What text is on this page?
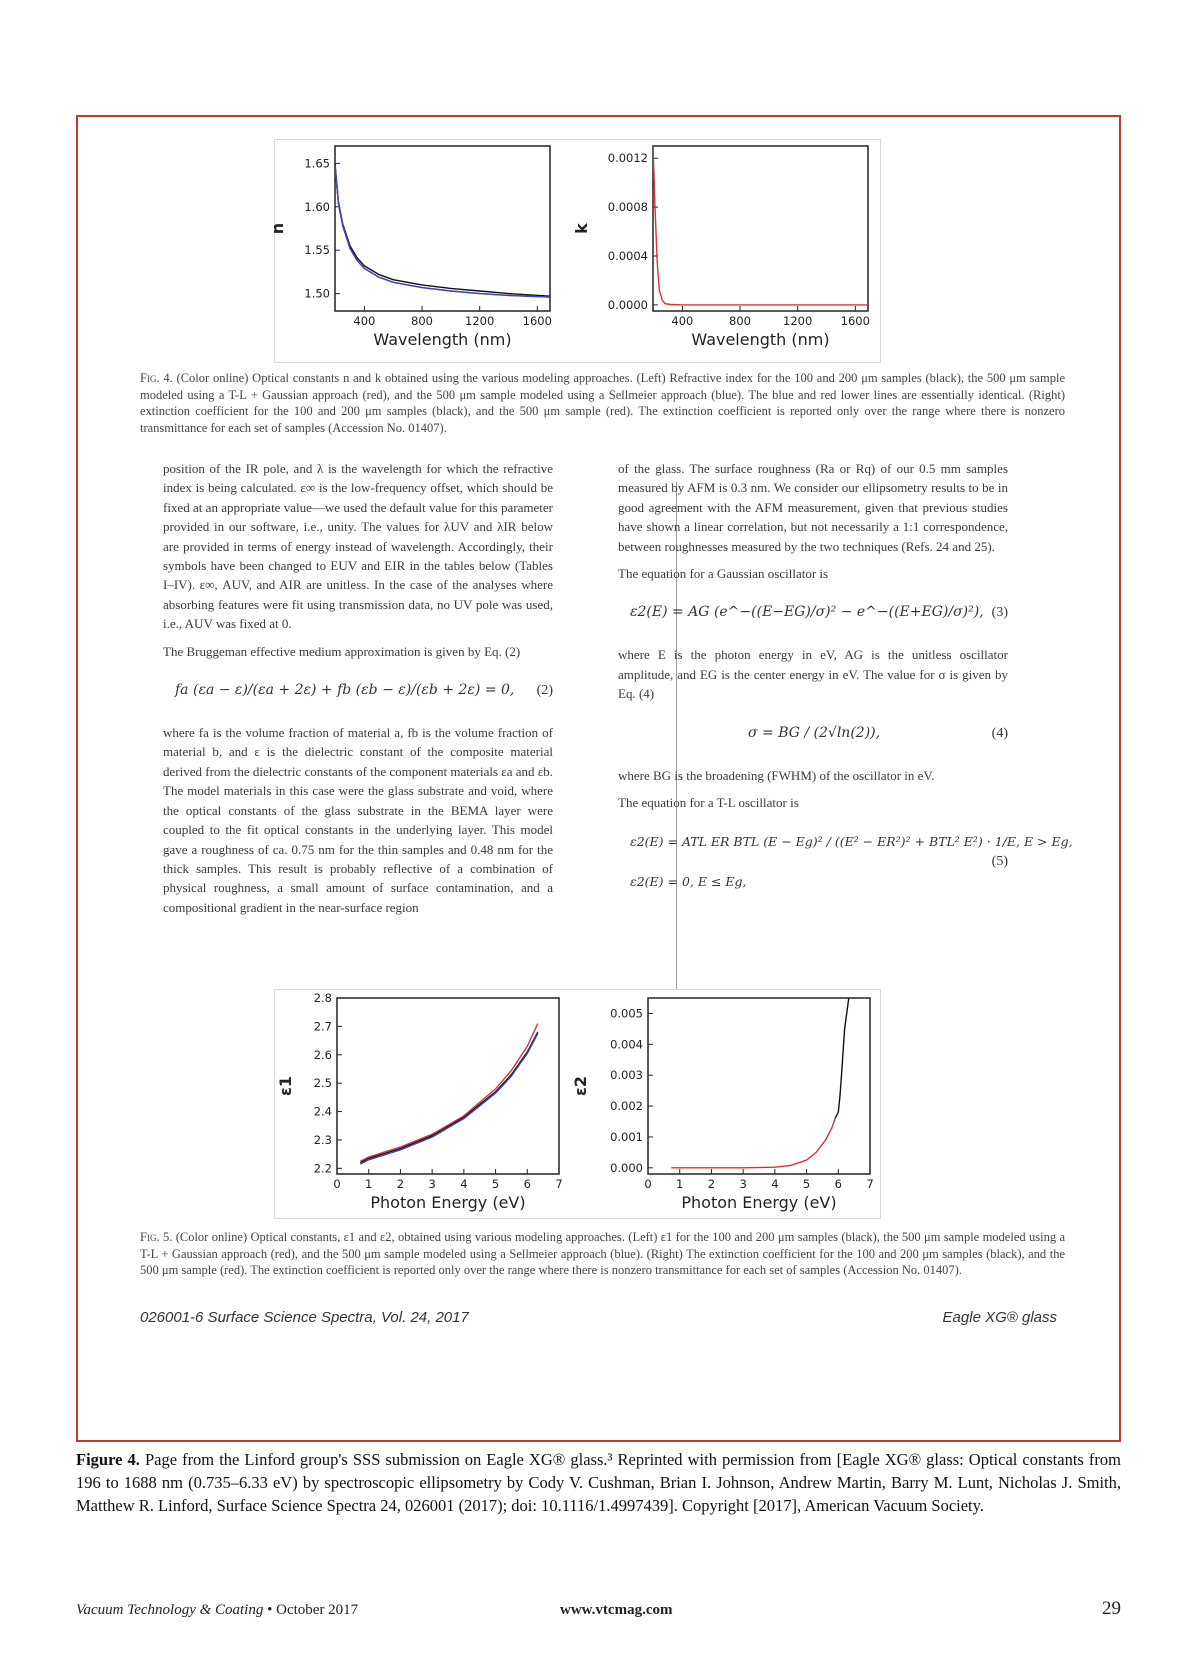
400	800	1200 1600
1.50
1.55
1.60
1.65
Wavelength (nm)
n
400	800	1200 1600
0.0000
0.0004
0.0008
0.0012
Wavelength (nm)
k
Fig. 4. (Color online) Optical constants n and k obtained using the various modeling approaches. (Left) Refractive index for the 100 and 200 μm samples (black), the 500 μm sample modeled using a T-L + Gaussian approach (red), and the 500 μm sample modeled using a Sellmeier approach (blue). The blue and red lower lines are essentially identical. (Right) extinction coefficient for the 100 and 200 μm samples (black), and the 500 μm sample (red). The extinction coefficient is reported only over the range where there is nonzero transmittance for each set of samples (Accession No. 01407).

position of the IR pole, and λ is the wavelength for which the refractive index is being calculated. ε∞ is the low-frequency offset, which should be fixed at an appropriate value—we used the default value for this parameter provided in our software, i.e., unity. The values for λUV and λIR below are provided in terms of energy instead of wavelength. Accordingly, their symbols have been changed to EUV and EIR in the tables below (Tables I–IV). ε∞, AUV, and AIR are unitless. In the case of the analyses where absorbing features were fit using transmission data, no UV pole was used, i.e., AUV was fixed at 0.

The Bruggeman effective medium approximation is given by Eq. (2)

fa (εa − ε)/(εa + 2ε) + fb (εb − ε)/(εb + 2ε) = 0, (2)

where fa is the volume fraction of material a, fb is the volume fraction of material b, and ε is the dielectric constant of the composite material derived from the dielectric constants of the component materials εa and εb. The model materials in this case were the glass substrate and void, where the optical constants of the glass substrate in the BEMA layer were coupled to the fit optical constants in the underlying layer. This model gave a roughness of ca. 0.75 nm for the thin samples and 0.48 nm for the thick samples. This result is probably reflective of a combination of physical roughness, a small amount of surface contamination, and a compositional gradient in the near-surface region

of the glass. The surface roughness (Ra or Rq) of our 0.5 mm samples measured by AFM is 0.3 nm. We consider our ellipsometry results to be in good agreement with the AFM measurement, given that previous studies have shown a linear correlation, but not necessarily a 1:1 correspondence, between roughnesses measured by the two techniques (Refs. 24 and 25).

The equation for a Gaussian oscillator is

ε2(E) = AG (e^−((E−EG)/σ)² − e^−((E+EG)/σ)²), (3)

where E is the photon energy in eV, AG is the unitless oscillator amplitude, and EG is the center energy in eV. The value for σ is given by Eq. (4)

σ = BG / (2√ln(2)),	(4)

where BG is the broadening (FWHM) of the oscillator in eV.

The equation for a T-L oscillator is

ε2(E) = ATL ER BTL (E − Eg)² / ((E² − ER²)² + BTL² E²) · 1/E, E > Eg,
ε2(E) = 0, E ≤ Eg,
(5)
0 1 2 3 4 5 6 7
2.2
2.3
2.4
2.5
2.6
2.7
2.8
Photon Energy (eV)
ε1
0 1 2 3 4 5 6 7
0.000
0.001
0.002
0.003
0.004
0.005
Photon Energy (eV)
ε2
Fig. 5. (Color online) Optical constants, ε1 and ε2, obtained using various modeling approaches. (Left) ε1 for the 100 and 200 μm samples (black), the 500 μm sample modeled using a T-L + Gaussian approach (red), and the 500 μm sample modeled using a Sellmeier approach (blue). (Right) The extinction coefficient for the 100 and 200 μm samples (black), and the 500 μm sample (red). The extinction coefficient is reported only over the range where there is nonzero transmittance for each set of samples (Accession No. 01407).
026001-6 Surface Science Spectra, Vol. 24, 2017	Eagle XG® glass
Figure 4. Page from the Linford group's SSS submission on Eagle XG® glass.³ Reprinted with permission from [Eagle XG® glass: Optical constants from 196 to 1688 nm (0.735–6.33 eV) by spectroscopic ellipsometry by Cody V. Cushman, Brian I. Johnson, Andrew Martin, Barry M. Lunt, Nicholas J. Smith, Matthew R. Linford, Surface Science Spectra 24, 026001 (2017); doi: 10.1116/1.4997439]. Copyright [2017], American Vacuum Society.
Vacuum Technology & Coating • October 2017	www.vtcmag.com	29
